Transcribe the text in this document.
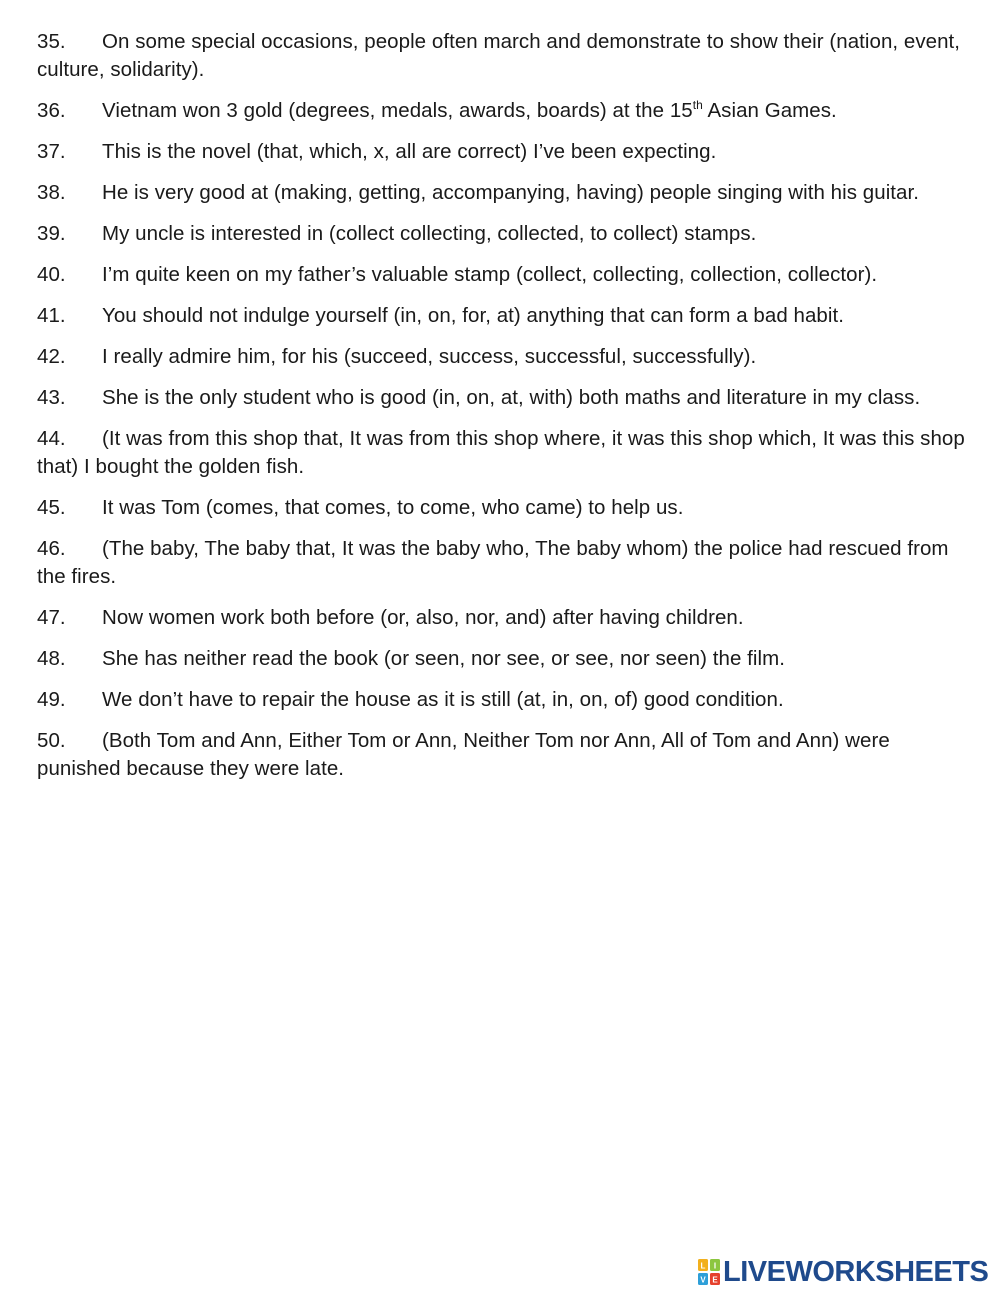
35. On some special occasions, people often march and demonstrate to show their (nation, event, culture, solidarity).

36. Vietnam won 3 gold (degrees, medals, awards, boards) at the 15th Asian Games.

37. This is the novel (that, which, x, all are correct) I’ve been expecting.

38. He is very good at (making, getting, accompanying, having) people singing with his guitar.

39. My uncle is interested in (collect collecting, collected, to collect) stamps.

40. I’m quite keen on my father’s valuable stamp (collect, collecting, collection, collector).

41. You should not indulge yourself (in, on, for, at) anything that can form a bad habit.

42. I really admire him, for his (succeed, success, successful, successfully).

43. She is the only student who is good (in, on, at, with) both maths and literature in my class.

44. (It was from this shop that, It was from this shop where, it was this shop which, It was this shop that) I bought the golden fish.

45. It was Tom (comes, that comes, to come, who came) to help us.

46. (The baby, The baby that, It was the baby who, The baby whom) the police had rescued from the fires.

47. Now women work both before (or, also, nor, and) after having children.

48. She has neither read the book (or seen, nor see, or see, nor seen) the film.

49. We don’t have to repair the house as it is still (at, in, on, of) good condition.

50. (Both Tom and Ann, Either Tom or Ann, Neither Tom nor Ann, All of Tom and Ann) were punished because they were late.

L I
V E LIVEWORKSHEETS
